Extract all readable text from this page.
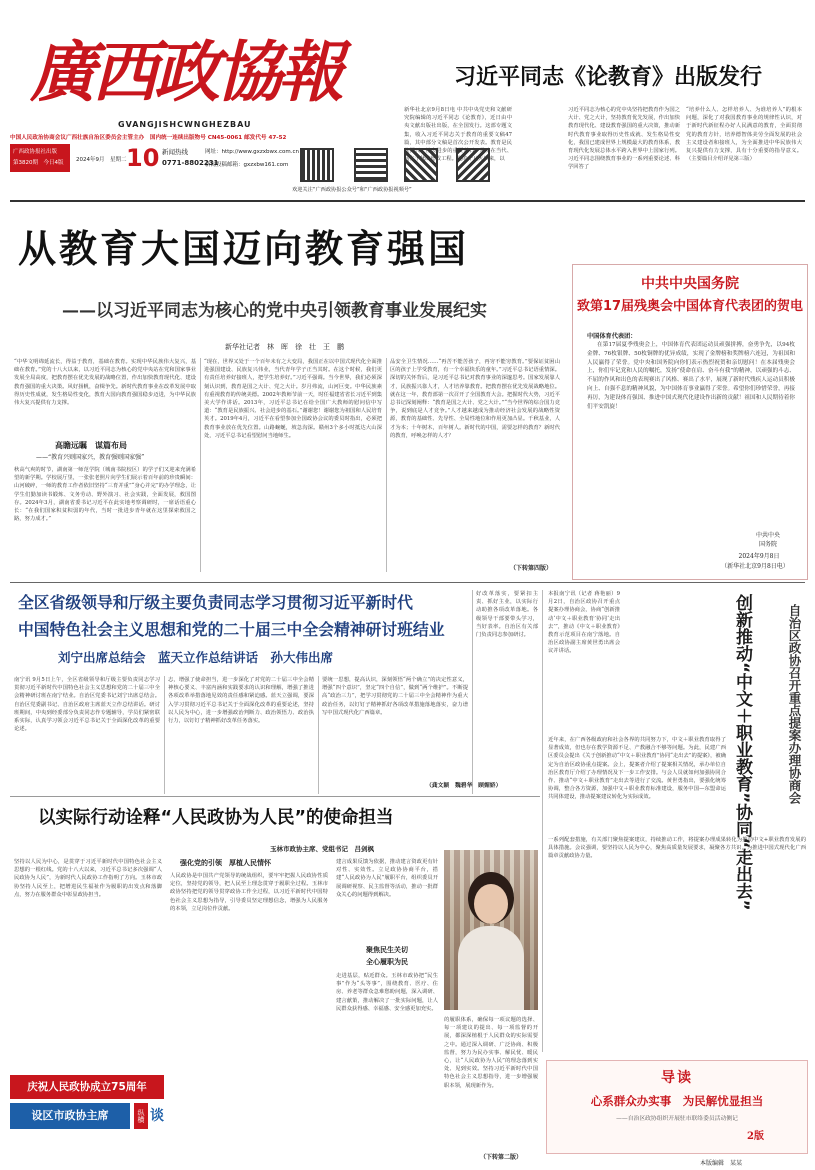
廣西政協報
GVANGJISHCWNGHEZBAU
中国人民政治协商会议广西壮族自治区委员会主管主办　国内统一连续出版物号 CN45-0061 邮发代号 47-52
广西政协报社出版
第3820期　今日4版 2024年9月　星期二 10 新闻热线
0771-8802231
网址：http://www.gxzxbwx.com.cn
新闻投稿邮箱：gxzxbw161.com
欢迎关注“广西政协报公众号”和“广西政协报视频号”
习近平同志《论教育》出版发行
新华社北京9月8日电 中共中央党史和文献研究院编辑的习近平同志《论教育》，近日由中央文献出版社出版，在全国发行。这部专题文集，收入习近平同志关于教育的重要文稿47篇，其中部分文稿是首次公开发表。教育是民族振兴、社会进步的重要基石，是功在当代、利在千秋的德政工程。党的十八大以来，以
习近平同志为核心的党中央坚持把教育作为国之大计、党之大计，坚持教育优先发展，作出加快教育现代化、建设教育强国的重大决策，推动新时代教育事业取得历史性成就、发生格局性变化，我国已建成世界上规模最大的教育体系，教育现代化发展总体水平跨入世界中上国家行列。习近平同志围绕教育事业的一系列重要论述、科学回答了
“培养什么人、怎样培养人、为谁培养人”的根本问题，深化了对我国教育事业的规律性认识，对于新时代新征程办好人民满意的教育，全面贯彻党的教育方针，培养德智体美劳全面发展的社会主义建设者和接班人，为全面推进中华民族伟大复兴提供有力支撑，具有十分重要的指导意义。（主要篇目介绍详见第三版）
从教育大国迈向教育强国
——以习近平同志为核心的党中央引领教育事业发展纪实
新华社记者　林　晖　徐　壮　王　鹏
“中华文明绵延流长，得益于教育，基础在教育。实现中华民族伟大复兴，基础在教育。”党的十八大以来，以习近平同志为核心的党中央站在党和国家事业发展全局高度，把教育摆在优先发展的战略位置，作出加快教育现代化、建设教育强国的重大决策。风好扬帆，奋楫争先。新时代教育事业在改革发展中取得历史性成就，发生格局性变化，教育大国向教育强国稳步迈进，为中华民族伟大复兴提供有力支撑。
高瞻远瞩　谋篇布局
——“教育兴则国家兴，教育强则国家强”
秋高气爽的时节，湖南第一师范学院（城南书院校区）的学子们又迎来充满希望的新学期。学校展厅里，一张张老照片向学生们展示着百年前的珍贵瞬间：山河破碎，一师的教育工作者依旧坚持“三育并重”“身心并完”的办学理念，让学生们勤加读书锻炼、文务劳动、野外演习、社会实践，全面发展，救国图存。2024年3月，湖南省委书记习近平在此实地考察调研时，一席话语重心长：“在我们国家积贫积弱的年代，当时一批进步青年就在这里探索救国之路，努力成才。”
“现在，世界又处于一个百年未有之大变局，我国正在以中国式现代化全面推进强国建设、民族复兴伟业，当代青年学子正当其时。在这个时候，我们更有责任培养好接班人，把学生培养好。”习近平强调。当今世界，我们必须深刻认识到，教育是国之大计、党之大计。岁月弗流，山河巨变。中华民族素有重视教育的传统美德。2002年教师节前一天，时任福建省省长习近平到集美大学作讲话。2013年，习近平总书记在给全国广大教师的慰问信中写道：“教育是民族振兴、社会进步的基石。”谢谢您！谢谢您为祖国和人民培育英才。2019年4月，习近平在看望参加全国政协会议的委员时指出，必须把教育事业放在优先位置。山路蜿蜒，坡急沟深。赣州3个多小时抵达大山深处，习近平总书记看望慰问当地师生。
品安全卫生情况……“再苦不能苦孩子，再穷不能穷教育。”要保证贫困山区的孩子上学受教育，有一个幸福快乐的童年。”习近平总书记语重情深。深切的关怀背后，是习近平总书记对教育事业的深邃思考。国家发展靠人才，民族振兴靠人才，人才培养靠教育。把教育摆在优先发展战略地位。就在这一年，教育部第一次召开了全国教育大会。把握时代大势，习近平总书记深刻阐释：“教育是国之大计、党之大计。”“当今世界的综合国力竞争，说到底是人才竞争。”人才越来越成为推动经济社会发展的战略性资源，教育的基础性、先导性、全局性地位和作用更加凸显。千秋基业，人才为本；十年树木，百年树人。新时代的中国，需要怎样的教育？新时代的教育，呼唤怎样的人才？
（下转第四版）
中共中央国务院
致第17届残奥会中国体育代表团的贺电
中国体育代表团：
在第17届夏季残奥会上，中国体育代表团运动员顽强拼搏，奋勇争先，以94枚金牌、76枚银牌、50枚铜牌的优异成绩，实现了金牌榜和奖牌榜六连冠，为祖国和人民赢得了荣誉。党中央和国务院向你们表示热烈祝贺和亲切慰问！在本届残奥会上，你们牢记党和人民的嘱托，发扬“使命在肩、奋斗有我”的精神，以顽强的斗志、不屈的作风和出色的表现赛出了风格、赛出了水平，展现了新时代残疾人运动员积极向上、自强不息的精神风貌，为中国体育事业赢得了荣誉。希望你们珍惜荣誉，再接再厉，为建设体育强国、推进中国式现代化建设作出新的贡献！祖国和人民期待着你们平安凯旋！
中共中央
国务院
2024年9月8日
（新华社北京9月8日电）
全区省级领导和厅级主要负责同志学习贯彻习近平新时代
中国特色社会主义思想和党的二十届三中全会精神研讨班结业
刘宁出席总结会　蓝天立作总结讲话　孙大伟出席
南宁讯 9月5日上午，全区省级领导和厅级主要负责同志学习贯彻习近平新时代中国特色社会主义思想和党的二十届三中全会精神研讨班在南宁结业。自治区党委书记刘宁出席总结会。自治区党委副书记、自治区政府主席蓝天立作总结讲话。研讨班期间，中央到经委部分负责同志作专题辅导，学员们紧密联系实际，认真学习领会习近平总书记关于全面深化改革的重要论述。
志，增强了使命担当，进一步深化了对党的二十届三中全会精神核心要义、丰富内涵和实践要求的认识和理解，增强了推进各项改革举措落地见效的责任感和紧迫感。蓝天立强调，要深入学习贯彻习近平总书记关于全面深化改革的重要论述，坚持以人民为中心，进一步增强政治判断力、政治领悟力、政治执行力，以钉钉子精神抓好改革任务落实。
要统一思想，提高认识，深刻领悟“两个确立”的决定性意义，增强“四个意识”，坚定“四个自信”，做到“两个维护”。不断提高“政治三力”，把学习贯彻党的二十届三中全会精神作为重大政治任务，以钉钉子精神抓好各项改革措施落地落实，奋力谱写中国式现代化广西篇章。
好改革落实，要紧扣主责、抓好主业，以实际行动助推各项改革落地。各级领导干部要带头学习，当好表率。自治区有关部门负责同志参加研讨。
（龚文颖　魏碧华　顾媚娇）
本报南宁讯（记者 蒋艳丽）9月2日，自治区政协召开重点提案办理协商会，协商“创新推动‘中文＋职业教育’协同‘走出去’”，推动《中文＋职业教育》教育示范项目在南宁落地。自治区政协副主席黄世勇出席会议并讲话。	创新推动“中文＋职业教育”协同“走出去”	自治区政协召开重点提案办理协商会
近年来，在广西各级政府和社会各界的共同努力下，中文＋职业教育取得了显著成效，但也存在教学资源不足、产教融合不够等问题。为此，民建广西区委员会提出《关于创新推动“中文＋职业教育”协同“走出去”的提案》，被确定为自治区政协重点提案。会上，提案者介绍了提案相关情况，承办单位自治区教育厅介绍了办理情况及下一步工作安排。与会人员就如何加强协同合作、推动“中文＋职业教育”走出去等进行了交流。黄世勇指出，要强化统筹协调，整合各方资源，加强中文＋职业教育标准建设，服务中国—东盟命运共同体建设，推动提案建议转化为实际成效。
以实际行动诠释“人民政协为人民”的使命担当
玉林市政协主席、党组书记　吕剑枫
坚持以人民为中心，是贯穿于习近平新时代中国特色社会主义思想的一根红线。党的十八大以来，习近平总书记多次强调“人民政协为人民”，为新时代人民政协工作指明了方向。玉林市政协坚持人民至上，把增进民生福祉作为履职的出发点和落脚点，努力在服务群众中彰显政协担当。
强化党的引领　厚植人民情怀
人民政协是中国共产党领导的统战组织，要牢牢把握人民政协性质定位，坚持党的领导，把人民至上理念贯穿于履职全过程。玉林市政协坚持把党的领导贯穿政协工作全过程，以习近平新时代中国特色社会主义思想为指导，引导委员坚定理想信念，增强为人民服务的本领，立足岗位作贡献。
建言成果反馈为依据，推动建言资政更有针对性、实效性。立足政协协商平台，搭建“人民政协为人民”履职平台，组织委员开展调研视察、民主监督等活动，推动一批群众关心的问题得到解决。
聚焦民生关切
全心履职为民
走进基层，贴近群众。玉林市政协把“民生事”作为“头等事”，围绕教育、医疗、住房、养老等群众急难愁盼问题，深入调研、建言献策，推动解决了一批实际问题，让人民群众获得感、幸福感、安全感更加充实。
的履职体系，确保每一项议题的选择、每一项建议的提出、每一项监督的开展，都深深植根于人民群众的实际需要之中。通过深入调研、广泛协商、积极监督，努力为民办实事、解民忧、暖民心，让“人民政协为人民”的理念落到实处、见到实效。坚持习近平新时代中国特色社会主义思想指导，进一步增强履职本领，展现新作为。
（下转第二版）
庆祝人民政协成立75周年
设区市政协主席	纵横 谈
一系列配套措施，有关部门聚焦提案建议，持续推动工作，将提案办理成果转化为推动中文+职业教育发展的具体措施。会议强调，要坚持以人民为中心，聚焦高质量发展要求，凝聚各方共识，为推进中国式现代化广西篇章贡献政协力量。
导读
心系群众办实事　为民解忧显担当
——自治区政协组织开展驻市联络委员活动侧记
2版
本版编辑　某某
